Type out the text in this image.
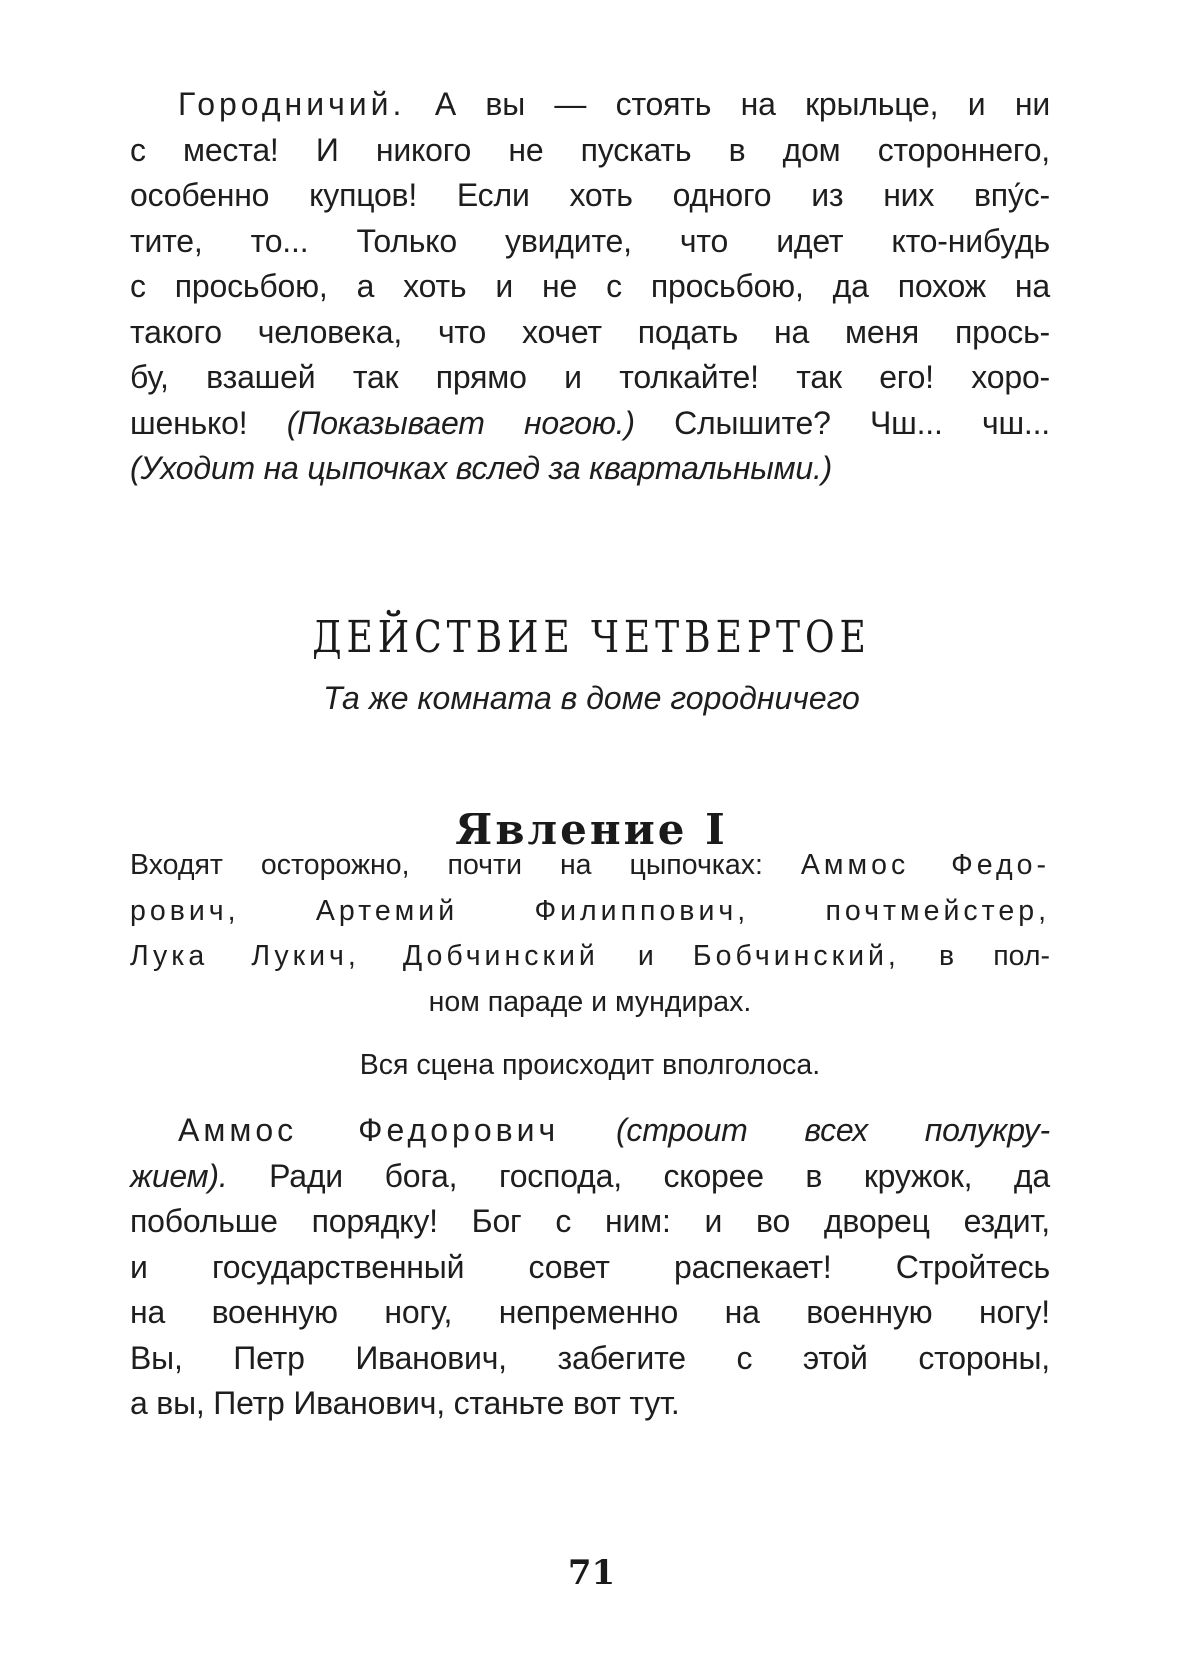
Городничий. А вы — стоять на крыльце, и ни
с места! И никого не пускать в дом стороннего,
особенно купцов! Если хоть одного из них впу́с-
тите, то... Только увидите, что идет кто-нибудь
с просьбою, а хоть и не с просьбою, да похож на
такого человека, что хочет подать на меня прось-
бу, взашей так прямо и толкайте! так его! хоро-
шенько! (Показывает ногою.) Слышите? Чш... чш...
(Уходит на цыпочках вслед за квартальными.)
ДЕЙСТВИЕ ЧЕТВЕРТОЕ
Та же комната в доме городничего
Явление I
Входят осторожно, почти на цыпочках: Аммос Федо-
рович, Артемий Филиппович, почтмейстер,
Лука Лукич, Добчинский и Бобчинский, в пол-
ном параде и мундирах.
Вся сцена происходит вполголоса.
Аммос Федорович (строит всех полукру-
жием). Ради бога, господа, скорее в кружок, да
побольше порядку! Бог с ним: и во дворец ездит,
и государственный совет распекает! Стройтесь
на военную ногу, непременно на военную ногу!
Вы, Петр Иванович, забегите с этой стороны,
а вы, Петр Иванович, станьте вот тут.
71
